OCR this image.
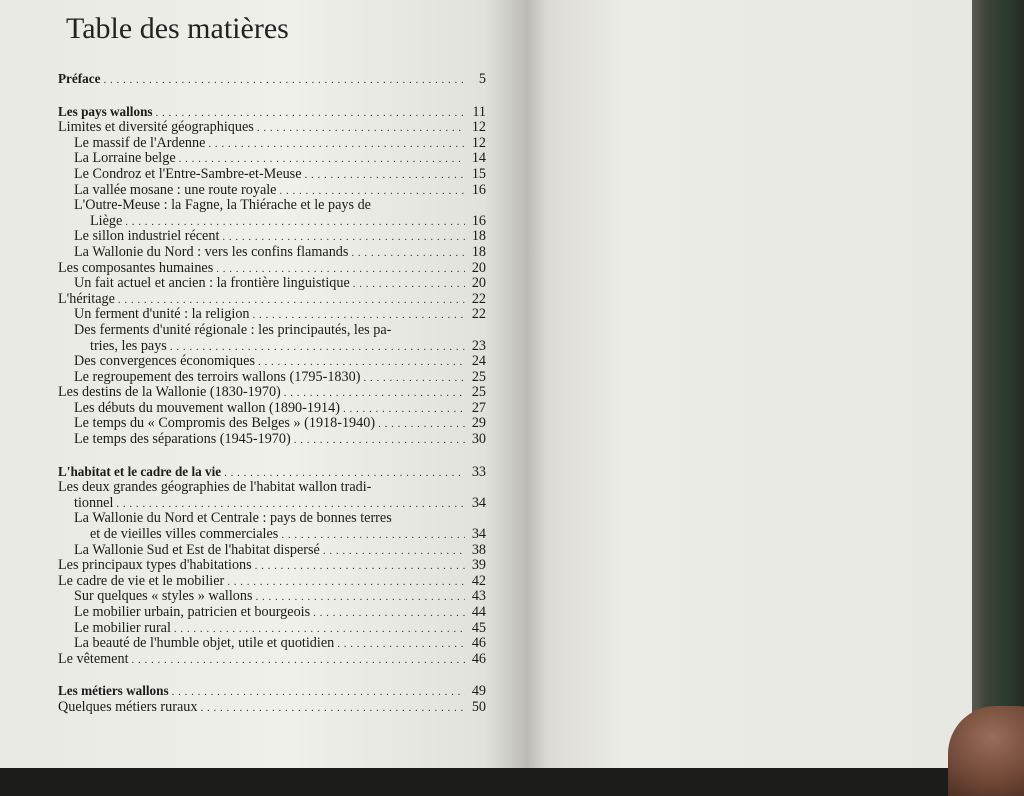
Table des matières
Préface . . .	5
Les pays wallons . . .	11
Limites et diversité géographiques . . .	12
Le massif de l'Ardenne . . .	12
La Lorraine belge . . .	14
Le Condroz et l'Entre-Sambre-et-Meuse . . .	15
La vallée mosane : une route royale . . .	16
L'Outre-Meuse : la Fagne, la Thiérache et le pays de
Liège . . .	16
Le sillon industriel récent . . .	18
La Wallonie du Nord : vers les confins flamands . . .	18
Les composantes humaines . . .	20
Un fait actuel et ancien : la frontière linguistique . . .	20
L'héritage . . .	22
Un ferment d'unité : la religion . . .	22
Des ferments d'unité régionale : les principautés, les pa-
tries, les pays . . .	23
Des convergences économiques . . .	24
Le regroupement des terroirs wallons (1795-1830) . . .	25
Les destins de la Wallonie (1830-1970) . . .	25
Les débuts du mouvement wallon (1890-1914) . . .	27
Le temps du « Compromis des Belges » (1918-1940) . . .	29
Le temps des séparations (1945-1970) . . .	30
L'habitat et le cadre de la vie . . .	33
Les deux grandes géographies de l'habitat wallon tradi-
tionnel . . .	34
La Wallonie du Nord et Centrale : pays de bonnes terres
et de vieilles villes commerciales . . .	34
La Wallonie Sud et Est de l'habitat dispersé . . .	38
Les principaux types d'habitations . . .	39
Le cadre de vie et le mobilier . . .	42
Sur quelques « styles » wallons . . .	43
Le mobilier urbain, patricien et bourgeois . . .	44
Le mobilier rural . . .	45
La beauté de l'humble objet, utile et quotidien . . .	46
Le vêtement . . .	46
Les métiers wallons . . .	49
Quelques métiers ruraux . . .	50
